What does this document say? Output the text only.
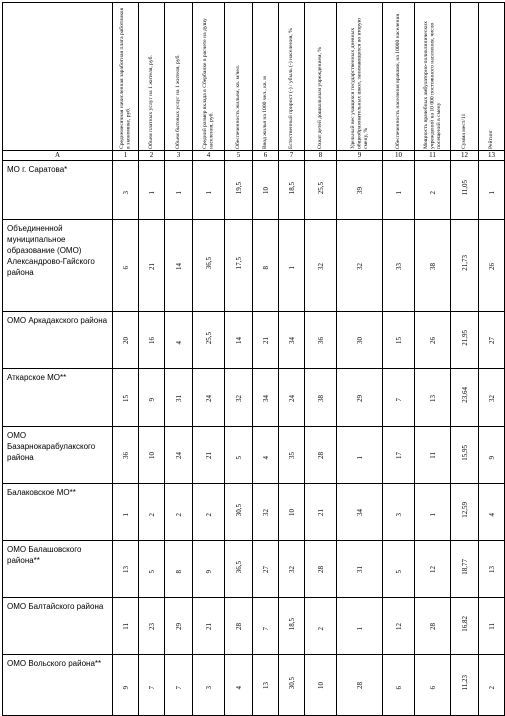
	Среднемесячная начисленная заработная плата работников в экономике, руб.	Объем платных услуг на 1 жителя, руб.	Объем бытовых услуг на 1 жителя, руб.	Средний размер вклада в Сбербанке в расчете на душу населения, руб.	Обеспеченность жильем, кв. м/чел.	Ввод жилья на 1000 чел., кв. м	Естественный прирост (-) / убыль (-) населения, %	Охват детей дошкольным учреждением, %	Удельный вес учащихся государственных дневных общеобразовательных школ, занимающихся во вторую смену, %	Обеспеченность населения врачами, на 10000 населения	Мощность врачебных амбулаторно-поликлинических учреждений на 10 000 постоянного населения, число посещений в смену	Сумма мест/11	Рейтинг

А	1	2	3	4	5	6	7	8	9	10	11	12	13
МО г. Саратова*	3	1	1	1	19,5	10	18,5	25,5	39	1	2	11,05	1
Объединенной муниципальное образование (ОМО) Александрово-Гайского района	6	21	14	36,5	17,5	8	1	32	32	33	38	21,73	26
ОМО Аркадакского района	20	16	4	25,5	14	21	34	36	30	15	26	21,95	27
Аткарское МО**	15	9	31	24	32	34	24	38	29	7	13	23,64	32
ОМО Базарнокарабулакского района	36	10	24	21	5	4	35	28	1	17	11	15,95	9
Балаковское МО**	1	2	2	2	30,5	32	10	21	34	3	1	12,59	4
ОМО Балашовского района**	13	5	8	9	36,5	27	32	28	31	5	12	18,77	13
ОМО Балтайского района	11	23	29	21	28	7	18,5	2	1	12	28	16,82	11
ОМО Вольского района**	9	7	7	3	4	13	30,5	10	28	6	6	11,23	2
